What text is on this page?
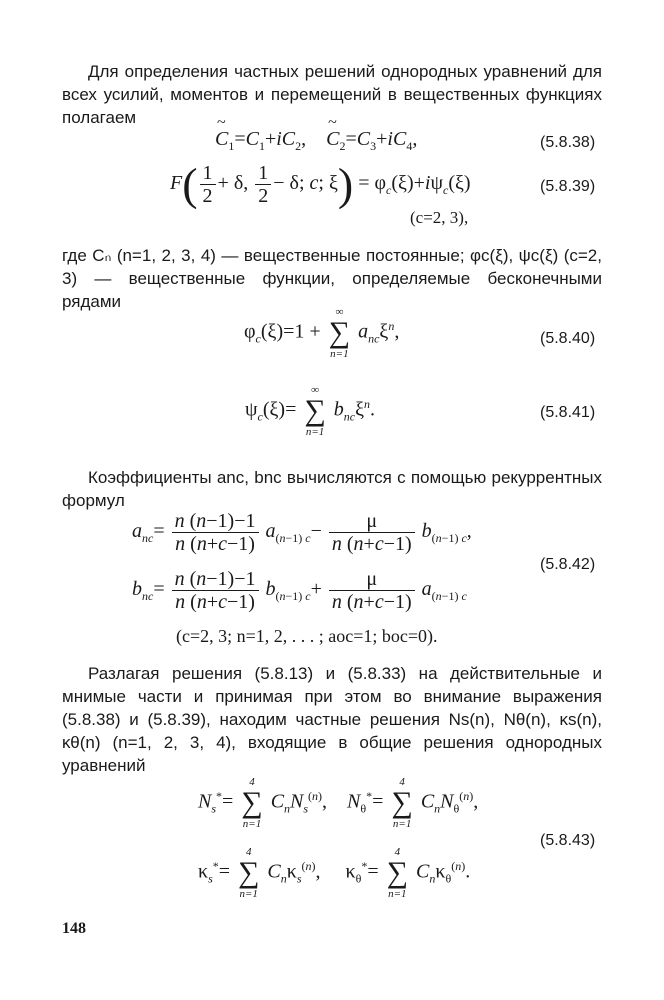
Для определения частных решений однородных уравнений для всех усилий, моментов и перемещений в вещественных функциях полагаем
~ $C_1=C_1+iC_2$,    ~ $C_2=C_3+iC_4$,	(5.8.38)
$F( \frac{1}{2} + \delta$, $\frac{1}{2} - \delta$; c; $\xi) = \varphi_c(\xi)+i\psi_c(\xi)$	(5.8.39)
(c=2, 3),
где Cₙ (n=1, 2, 3, 4) — вещественные постоянные; φc(ξ), ψc(ξ) (c=2, 3) — вещественные функции, определяемые бесконечными рядами
$\varphi_c(\xi)=1$ +
∞
∑
n=1
$a_{nc}\xi^n$,	(5.8.40)
$\psi_c(\xi)=$
∞
∑
n=1
$b_{nc}\xi^n$.	(5.8.41)
Коэффициенты anc, bnc вычисляются с помощью рекуррентных формул
$a_{nc}= \frac{n (n-1)-1}{n (n+c-1)} a_{(n-1) c}- \frac{\mu}{n (n+c-1)} b_{(n-1) c}$,
$b_{nc}= \frac{n (n-1)-1}{n (n+c-1)} b_{(n-1) c}+ \frac{\mu}{n (n+c-1)} a_{(n-1) c}$
(5.8.42)
(c=2, 3; n=1, 2, . . . ; aoc=1; boc=0).
Разлагая решения (5.8.13) и (5.8.33) на действительные и мнимые части и принимая при этом во внимание выражения (5.8.38) и (5.8.39), находим частные решения Ns(n), Nθ(n), κs(n), κθ(n) (n=1, 2, 3, 4), входящие в общие решения однородных уравнений
$N_s^*=$
4
∑
n=1
$C_nN_s^{(n)}$,    $N_\theta^*=$
4
∑
n=1
$C_nN_\theta^{(n)}$,
$\kappa_s^*=$
4
∑
n=1
$C_n\kappa_s^{(n)}$,     $\kappa_\theta^*=$
4
∑
n=1
$C_n\kappa_\theta^{(n)}$.
(5.8.43)
148
